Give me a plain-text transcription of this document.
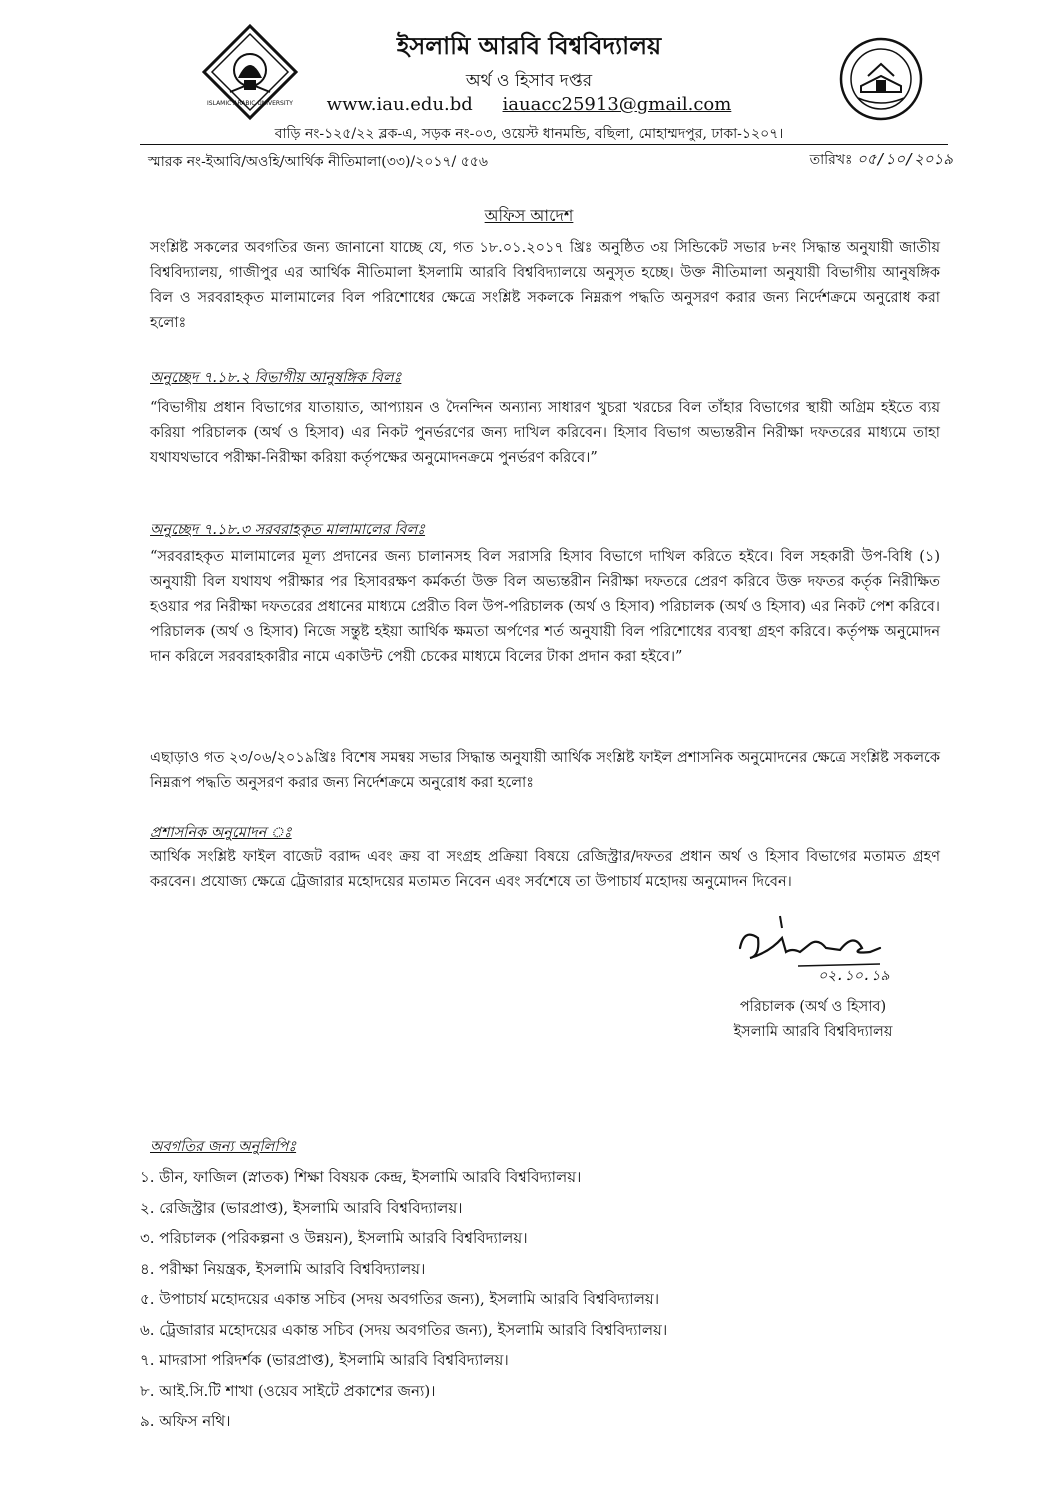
ISLAMIC ARABIC UNIVERSITY
ইসলামি আরবি বিশ্ববিদ্যালয়
অর্থ ও হিসাব দপ্তর
www.iau.edu.bd iauacc25913@gmail.com
বাড়ি নং-১২৫/২২ ব্লক-এ, সড়ক নং-০৩, ওয়েস্ট ধানমন্ডি, বছিলা, মোহাম্মদপুর, ঢাকা-১২০৭।
স্মারক নং-ইআবি/অওহি/আর্থিক নীতিমালা(৩৩)/২০১৭/ ৫৫৬	তারিখঃ ০৫/১০/২০১৯
অফিস আদেশ
সংশ্লিষ্ট সকলের অবগতির জন্য জানানো যাচ্ছে যে, গত ১৮.০১.২০১৭ খ্রিঃ অনুষ্ঠিত ৩য় সিন্ডিকেট সভার ৮নং সিদ্ধান্ত অনুযায়ী জাতীয় বিশ্ববিদ্যালয়, গাজীপুর এর আর্থিক নীতিমালা ইসলামি আরবি বিশ্ববিদ্যালয়ে অনুসৃত হচ্ছে। উক্ত নীতিমালা অনুযায়ী বিভাগীয় আনুষঙ্গিক বিল ও সরবরাহকৃত মালামালের বিল পরিশোধের ক্ষেত্রে সংশ্লিষ্ট সকলকে নিম্নরূপ পদ্ধতি অনুসরণ করার জন্য নির্দেশক্রমে অনুরোধ করা হলোঃ
অনুচ্ছেদ ৭.১৮.২ বিভাগীয় আনুষঙ্গিক বিলঃ
“বিভাগীয় প্রধান বিভাগের যাতায়াত, আপ্যায়ন ও দৈনন্দিন অন্যান্য সাধারণ খুচরা খরচের বিল তাঁহার বিভাগের স্থায়ী অগ্রিম হইতে ব্যয় করিয়া পরিচালক (অর্থ ও হিসাব) এর নিকট পুনর্ভরণের জন্য দাখিল করিবেন। হিসাব বিভাগ অভ্যন্তরীন নিরীক্ষা দফতরের মাধ্যমে তাহা যথাযথভাবে পরীক্ষা-নিরীক্ষা করিয়া কর্তৃপক্ষের অনুমোদনক্রমে পুনর্ভরণ করিবে।”
অনুচ্ছেদ ৭.১৮.৩ সরবরাহকৃত মালামালের বিলঃ
“সরবরাহকৃত মালামালের মূল্য প্রদানের জন্য চালানসহ বিল সরাসরি হিসাব বিভাগে দাখিল করিতে হইবে। বিল সহকারী উপ-বিধি (১) অনুযায়ী বিল যথাযথ পরীক্ষার পর হিসাবরক্ষণ কর্মকর্তা উক্ত বিল অভ্যন্তরীন নিরীক্ষা দফতরে প্রেরণ করিবে উক্ত দফতর কর্তৃক নিরীক্ষিত হওয়ার পর নিরীক্ষা দফতরের প্রধানের মাধ্যমে প্রেরীত বিল উপ-পরিচালক (অর্থ ও হিসাব) পরিচালক (অর্থ ও হিসাব) এর নিকট পেশ করিবে। পরিচালক (অর্থ ও হিসাব) নিজে সন্তুষ্ট হইয়া আর্থিক ক্ষমতা অর্পণের শর্ত অনুযায়ী বিল পরিশোধের ব্যবস্থা গ্রহণ করিবে। কর্তৃপক্ষ অনুমোদন দান করিলে সরবরাহকারীর নামে একাউন্ট পেয়ী চেকের মাধ্যমে বিলের টাকা প্রদান করা হইবে।”
এছাড়াও গত ২৩/০৬/২০১৯খ্রিঃ বিশেষ সমন্বয় সভার সিদ্ধান্ত অনুযায়ী আর্থিক সংশ্লিষ্ট ফাইল প্রশাসনিক অনুমোদনের ক্ষেত্রে সংশ্লিষ্ট সকলকে নিম্নরূপ পদ্ধতি অনুসরণ করার জন্য নির্দেশক্রমে অনুরোধ করা হলোঃ
প্রশাসনিক অনুমোদন ঃ
আর্থিক সংশ্লিষ্ট ফাইল বাজেট বরাদ্দ এবং ক্রয় বা সংগ্রহ প্রক্রিয়া বিষয়ে রেজিস্ট্রার/দফতর প্রধান অর্থ ও হিসাব বিভাগের মতামত গ্রহণ করবেন। প্রযোজ্য ক্ষেত্রে ট্রেজারার মহোদয়ের মতামত নিবেন এবং সর্বশেষে তা উপাচার্য মহোদয় অনুমোদন দিবেন।
০২.১০.১৯
পরিচালক (অর্থ ও হিসাব)
ইসলামি আরবি বিশ্ববিদ্যালয়
অবগতির জন্য অনুলিপিঃ
১. ডীন, ফাজিল (স্নাতক) শিক্ষা বিষয়ক কেন্দ্র, ইসলামি আরবি বিশ্ববিদ্যালয়।
২. রেজিস্ট্রার (ভারপ্রাপ্ত), ইসলামি আরবি বিশ্ববিদ্যালয়।
৩. পরিচালক (পরিকল্পনা ও উন্নয়ন), ইসলামি আরবি বিশ্ববিদ্যালয়।
৪. পরীক্ষা নিয়ন্ত্রক, ইসলামি আরবি বিশ্ববিদ্যালয়।
৫. উপাচার্য মহোদয়ের একান্ত সচিব (সদয় অবগতির জন্য), ইসলামি আরবি বিশ্ববিদ্যালয়।
৬. ট্রেজারার মহোদয়ের একান্ত সচিব (সদয় অবগতির জন্য), ইসলামি আরবি বিশ্ববিদ্যালয়।
৭. মাদরাসা পরিদর্শক (ভারপ্রাপ্ত), ইসলামি আরবি বিশ্ববিদ্যালয়।
৮. আই.সি.টি শাখা (ওয়েব সাইটে প্রকাশের জন্য)।
৯. অফিস নথি।
